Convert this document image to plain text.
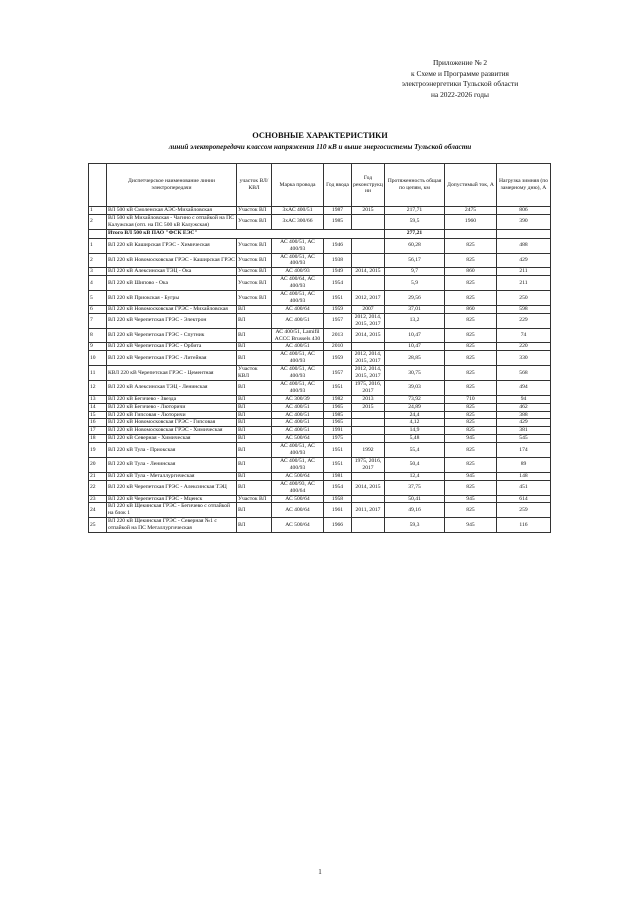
Приложение № 2
к Схеме и Программе развития
электроэнергетики Тульской области
на 2022-2026 годы
ОСНОВНЫЕ ХАРАКТЕРИСТИКИ
линий электропередачи классом напряжения 110 кВ и выше энергосистемы Тульской области
	Диспетчерское наименование линии электропередачи	участок ВЛ/КВЛ	Марка провода	Год ввода	Год реконструкции	Протяженность общая по цепям, км	Допустимый ток, А	Нагрузка зимняя (по замерному дню), А
1	ВЛ 500 кВ Смоленская АЭС-Михайловская	Участок ВЛ	3хАС 400/51	1987	2015	217,71	2475	806
2	ВЛ 500 кВ Михайловская - Чагино с отпайкой на ПС Калужская (отп. на ПС 500 кВ Калужская)	Участок ВЛ	3хАС 300/66	1985		59,5	1960	390
	Итого ВЛ 500 кВ ПАО "ФСК ЕЭС"					277,21		
1	ВЛ 220 кВ Каширская ГРЭС - Химическая	Участок ВЛ	АС 400/51, АС 400/93	1946		60,28	825	488
2	ВЛ 220 кВ Новомосковская ГРЭС - Каширская ГРЭС	Участок ВЛ	АС 400/51, АС 400/93	1938		56,17	825	429
3	ВЛ 220 кВ Алексинская ТЭЦ - Ока	Участок ВЛ	АС 400/93	1949	2014, 2015	9,7	860	211
4	ВЛ 220 кВ Шипово - Ока	Участок ВЛ	АС 400/64, АС 400/93	1954		5,9	825	211
5	ВЛ 220 кВ Приокская - Бугры	Участок ВЛ	АС 400/51, АС 400/93	1951	2012, 2017	29,56	825	250
6	ВЛ 220 кВ Новомосковская ГРЭС - Михайловская	ВЛ	АС 400/64	1959	2007	37,01	860	598
7	ВЛ 220 кВ Черепетская ГРЭС - Электрон	ВЛ	АС 400/51	1957	2012, 2014, 2015, 2017	13,2	825	229
8	ВЛ 220 кВ Черепетская ГРЭС - Спутник	ВЛ	АС 400/51, Lamifil ACCC Brussels 430	2013	2014, 2015	10,47	825	74
9	ВЛ 220 кВ Черепетская ГРЭС - Орбита	ВЛ	АС 400/51	2010		10,47	825	220
10	ВЛ 220 кВ Черепетская ГРЭС - Литейная	ВЛ	АС 400/51, АС 400/93	1959	2012, 2014, 2015, 2017	28,85	825	330
11	КВЛ 220 кВ Черепетская ГРЭС - Цементная	Участок КВЛ	АС 400/51, АС 400/93	1957	2012, 2014, 2015, 2017	30,75	825	568
12	ВЛ 220 кВ Алексинская ТЭЦ - Ленинская	ВЛ	АС 400/51, АС 400/93	1951	1975, 2016, 2017	39,03	825	494
13	ВЛ 220 кВ Бегичево - Звезда	ВЛ	АС 300/39	1982	2013	73,92	710	94
14	ВЛ 220 кВ Бегичево - Люторичи	ВЛ	АС 400/51	1965	2015	24,89	825	462
15	ВЛ 220 кВ Гипсовая - Люторичи	ВЛ	АС 400/51	1985		24,4	825	388
16	ВЛ 220 кВ Новомосковская ГРЭС - Гипсовая	ВЛ	АС 400/51	1965		4,12	825	429
17	ВЛ 220 кВ Новомосковская ГРЭС - Химическая	ВЛ	АС 400/51	1991		14,9	825	381
18	ВЛ 220 кВ Северная - Химическая	ВЛ	АС 500/64	1975		5,48	945	545
19	ВЛ 220 кВ Тула - Приокская	ВЛ	АС 400/51, АС 400/93	1951	1992	55,4	825	174
20	ВЛ 220 кВ Тула - Ленинская	ВЛ	АС 400/51, АС 400/93	1951	1975, 2016, 2017	50,4	825	89
21	ВЛ 220 кВ Тула - Металлургическая	ВЛ	АС 500/64	1981		12,4	945	148
22	ВЛ 220 кВ Черепетская ГРЭС - Алексинская ТЭЦ	ВЛ	АС 400/93, АС 400/64	1954	2014, 2015	37,75	825	451
23	ВЛ 220 кВ Черепетская ГРЭС - Мценск	Участок ВЛ	АС 500/64	1958		50,41	945	614
24	ВЛ 220 кВ Щекинская ГРЭС - Бегичево с отпайкой на блок 1	ВЛ	АС 400/64	1961	2011, 2017	49,16	825	259
25	ВЛ 220 кВ Щекинская ГРЭС - Северная №1 с отпайкой на ПС Металлургическая	ВЛ	АС 500/64	1966		59,3	945	116
1
